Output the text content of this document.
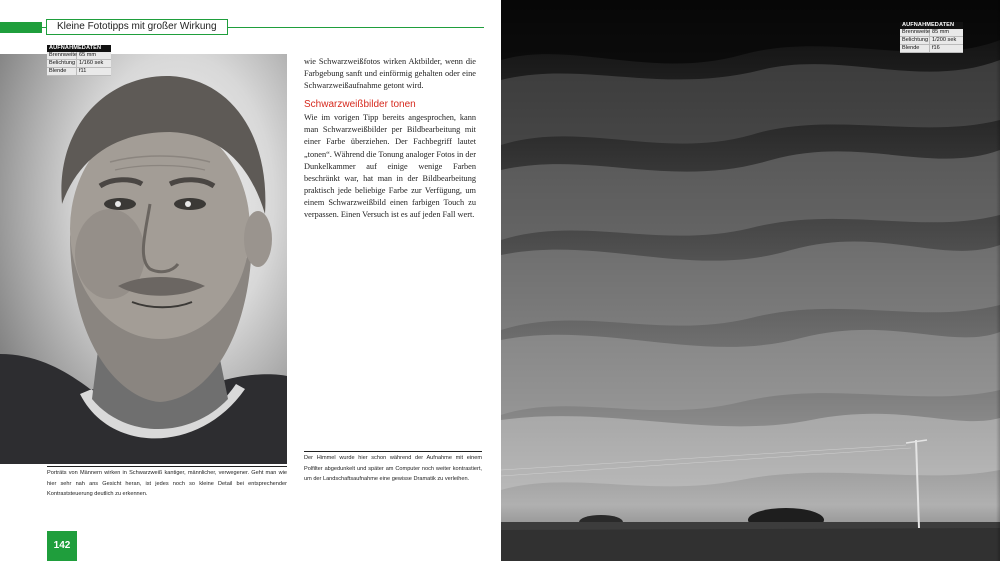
Kleine Fototipps mit großer Wirkung
AUFNAHMEDATEN
Brennweite 65 mm
Belichtung 1/160 sek
Blende	f11

wie Schwarzweißfotos wirken Aktbilder, wenn die Farbgebung sanft und einförmig gehalten oder eine Schwarzweißaufnahme getont wird.

Schwarzweißbilder tonen

Wie im vorigen Tipp bereits angesprochen, kann man Schwarzweißbilder per Bildbearbeitung mit einer Farbe überziehen. Der Fachbegriff lautet „tonen“. Während die Tonung analoger Fotos in der Dunkelkammer auf einige wenige Farben beschränkt war, hat man in der Bildbearbeitung praktisch jede beliebige Farbe zur Verfügung, um einem Schwarzweißbild einen farbigen Touch zu verpassen. Einen Versuch ist es auf jeden Fall wert.

Porträts von Männern wirken in Schwarzweiß kantiger, männlicher, verwegener. Geht man wie hier sehr nah ans Gesicht heran, ist jedes noch so kleine Detail bei entsprechender Kontraststeuerung deutlich zu erkennen.
Der Himmel wurde hier schon während der Aufnahme mit einem Polfilter abgedunkelt und später am Computer noch weiter kontrastiert, um der Landschaftsaufnahme eine gewisse Dramatik zu verleihen.
142
AUFNAHMEDATEN
Brennweite 85 mm
Belichtung 1/200 sek
Blende	f16
